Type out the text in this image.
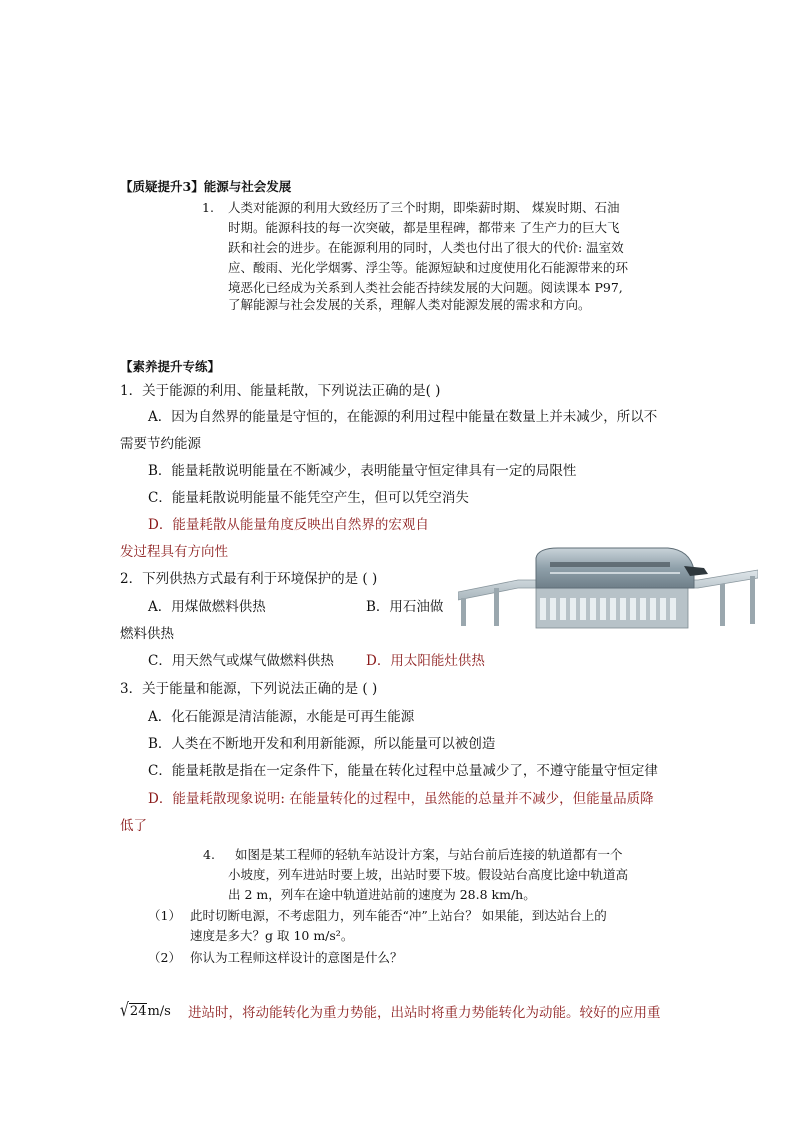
【质疑提升3】能源与社会发展
1. 人类对能源的利用大致经历了三个时期，即柴薪时期、 煤炭时期、石油
时期。能源科技的每一次突破，都是里程碑，都带来 了生产力的巨大飞
跃和社会的进步。在能源利用的同时，人类也付出了很大的代价: 温室效
应、酸雨、光化学烟雾、浮尘等。能源短缺和过度使用化石能源带来的环
境恶化已经成为关系到人类社会能否持续发展的大问题。阅读课本 P97,
了解能源与社会发展的关系，理解人类对能源发展的需求和方向。
【素养提升专练】
1．关于能源的利用、能量耗散，下列说法正确的是( )
A．因为自然界的能量是守恒的，在能源的利用过程中能量在数量上并未减少，所以不
需要节约能源
B．能量耗散说明能量在不断减少，表明能量守恒定律具有一定的局限性
C．能量耗散说明能量不能凭空产生，但可以凭空消失
D．能量耗散从能量角度反映出自然界的宏观自
发过程具有方向性
2．下列供热方式最有利于环境保护的是 ( )
A．用煤做燃料供热	B．用石油做
燃料供热
C．用天然气或煤气做燃料供热 D．用太阳能灶供热
3．关于能量和能源，下列说法正确的是 ( )
A．化石能源是清洁能源，水能是可再生能源
B．人类在不断地开发和利用新能源，所以能量可以被创造
C．能量耗散是指在一定条件下，能量在转化过程中总量减少了，不遵守能量守恒定律
D．能量耗散现象说明: 在能量转化的过程中，虽然能的总量并不减少，但能量品质降
低了
4. 如图是某工程师的轻轨车站设计方案，与站台前后连接的轨道都有一个
小坡度，列车进站时要上坡，出站时要下坡。假设站台高度比途中轨道高
出 2 m，列车在途中轨道进站前的速度为 28.8 km/h。
（1） 此时切断电源，不考虑阻力，列车能否“冲”上站台？ 如果能，到达站台上的
速度是多大？g 取 10 m/s²。
（2） 你认为工程师这样设计的意图是什么？
√24m/s 进站时，将动能转化为重力势能，出站时将重力势能转化为动能。较好的应用重
